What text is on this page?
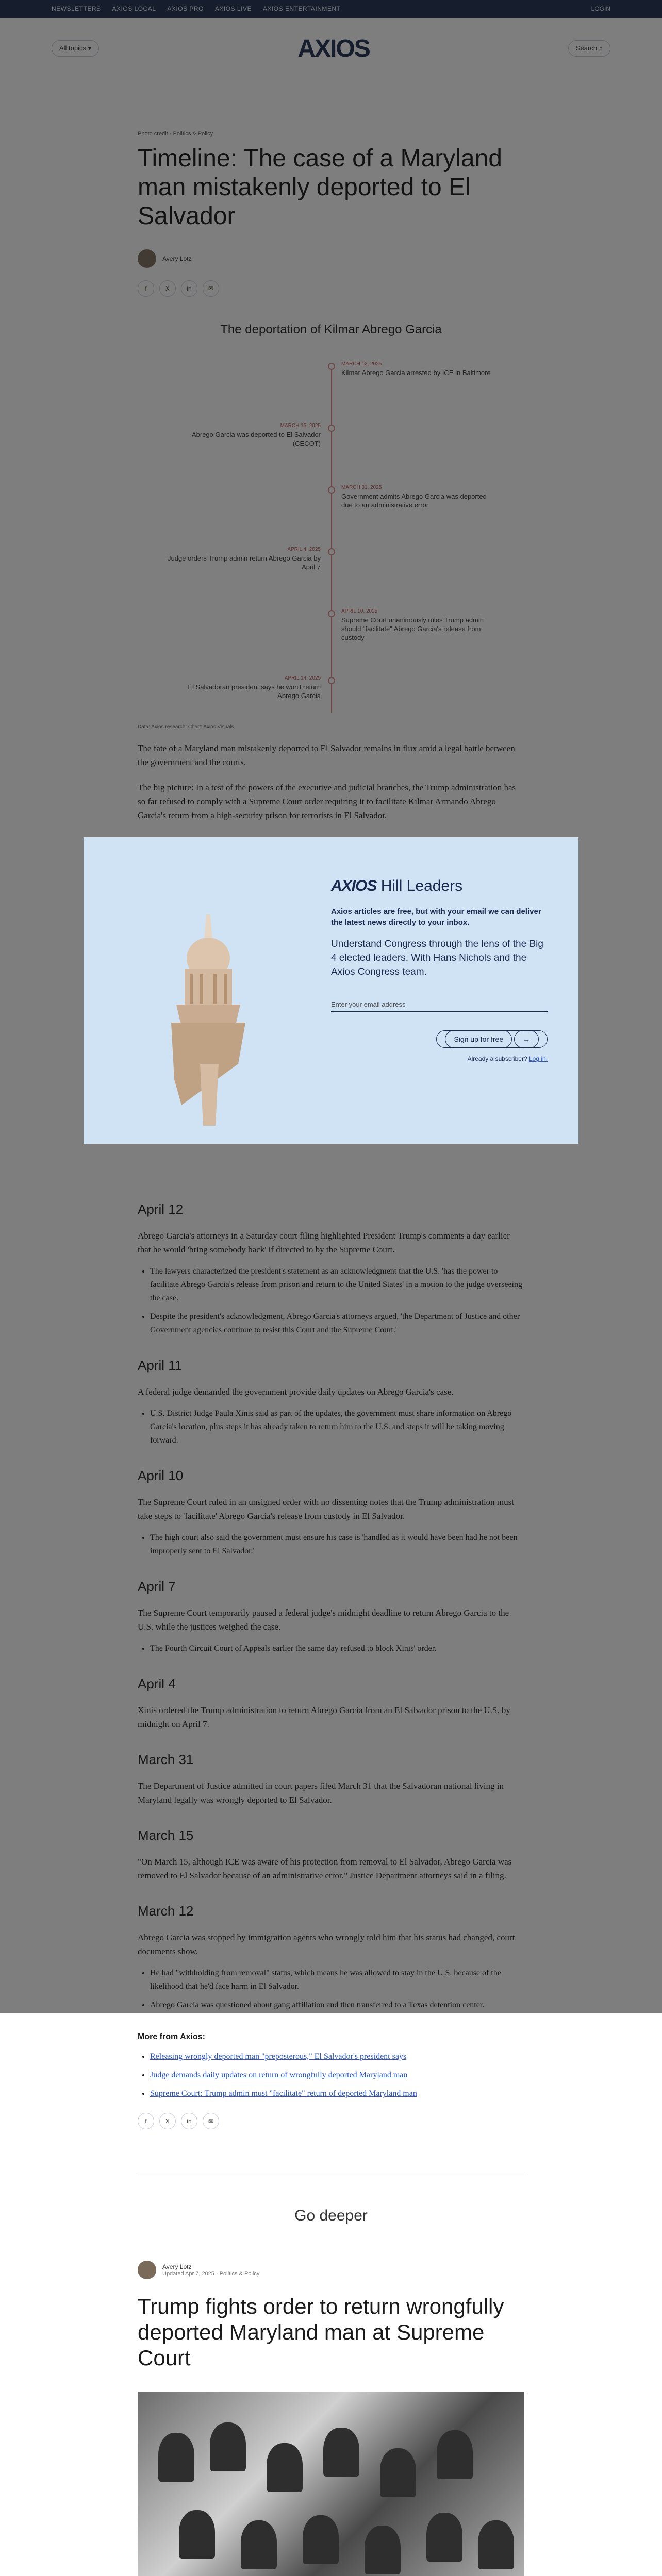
•
•

•

•

•

•
•
More from Axios:
• Releasing wrongly deported man "preposterous," El Salvador's president says
• Judge demands daily updates on return of wrongfully deported Maryland man
• Supreme Court: Trump admin must "facilitate" return of deported Maryland man
f	X	in	✉
Go deeper
Avery Lotz
Updated Apr 7, 2025 · Politics & Policy
Trump fights order to return wrongfully deported Maryland man at Supreme Court

AXIOS Hill Leaders
Axios articles are free, but with your email we can deliver the latest news directly to your inbox.
Understand Congress through the lens of the Big 4 elected leaders. With Hans Nichols and the Axios Congress team.
Enter your email address
Sign up for free	→
Already a subscriber? Log in.
